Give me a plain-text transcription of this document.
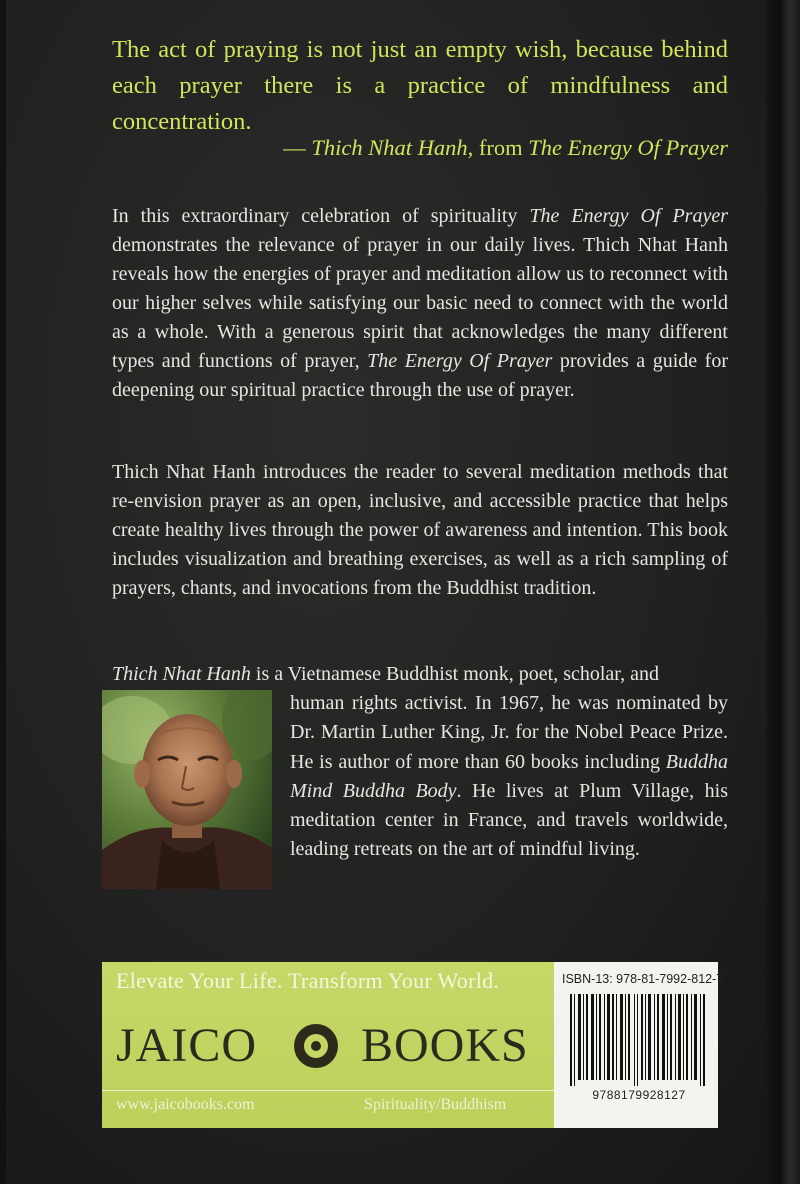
The act of praying is not just an empty wish, because behind each prayer there is a practice of mindfulness and concentration.

— Thich Nhat Hanh, from The Energy Of Prayer

In this extraordinary celebration of spirituality The Energy Of Prayer demonstrates the relevance of prayer in our daily lives. Thich Nhat Hanh reveals how the energies of prayer and meditation allow us to reconnect with our higher selves while satisfying our basic need to connect with the world as a whole. With a generous spirit that acknowledges the many different types and functions of prayer, The Energy Of Prayer provides a guide for deepening our spiritual practice through the use of prayer.

Thich Nhat Hanh introduces the reader to several meditation methods that re-envision prayer as an open, inclusive, and accessible practice that helps create healthy lives through the power of awareness and intention. This book includes visualization and breathing exercises, as well as a rich sampling of prayers, chants, and invocations from the Buddhist tradition.

Thich Nhat Hanh is a Vietnamese Buddhist monk, poet, scholar, and
human rights activist. In 1967, he was nominated by Dr. Martin Luther King, Jr. for the Nobel Peace Prize. He is author of more than 60 books including Buddha Mind Buddha Body. He lives at Plum Village, his meditation center in France, and travels worldwide, leading retreats on the art of mindful living.
Elevate Your Life. Transform Your World.
JAICO BOOKS
www.jaicobooks.com	Spirituality/Buddhism
ISBN-13: 978-81-7992-812-7
9788179928127
